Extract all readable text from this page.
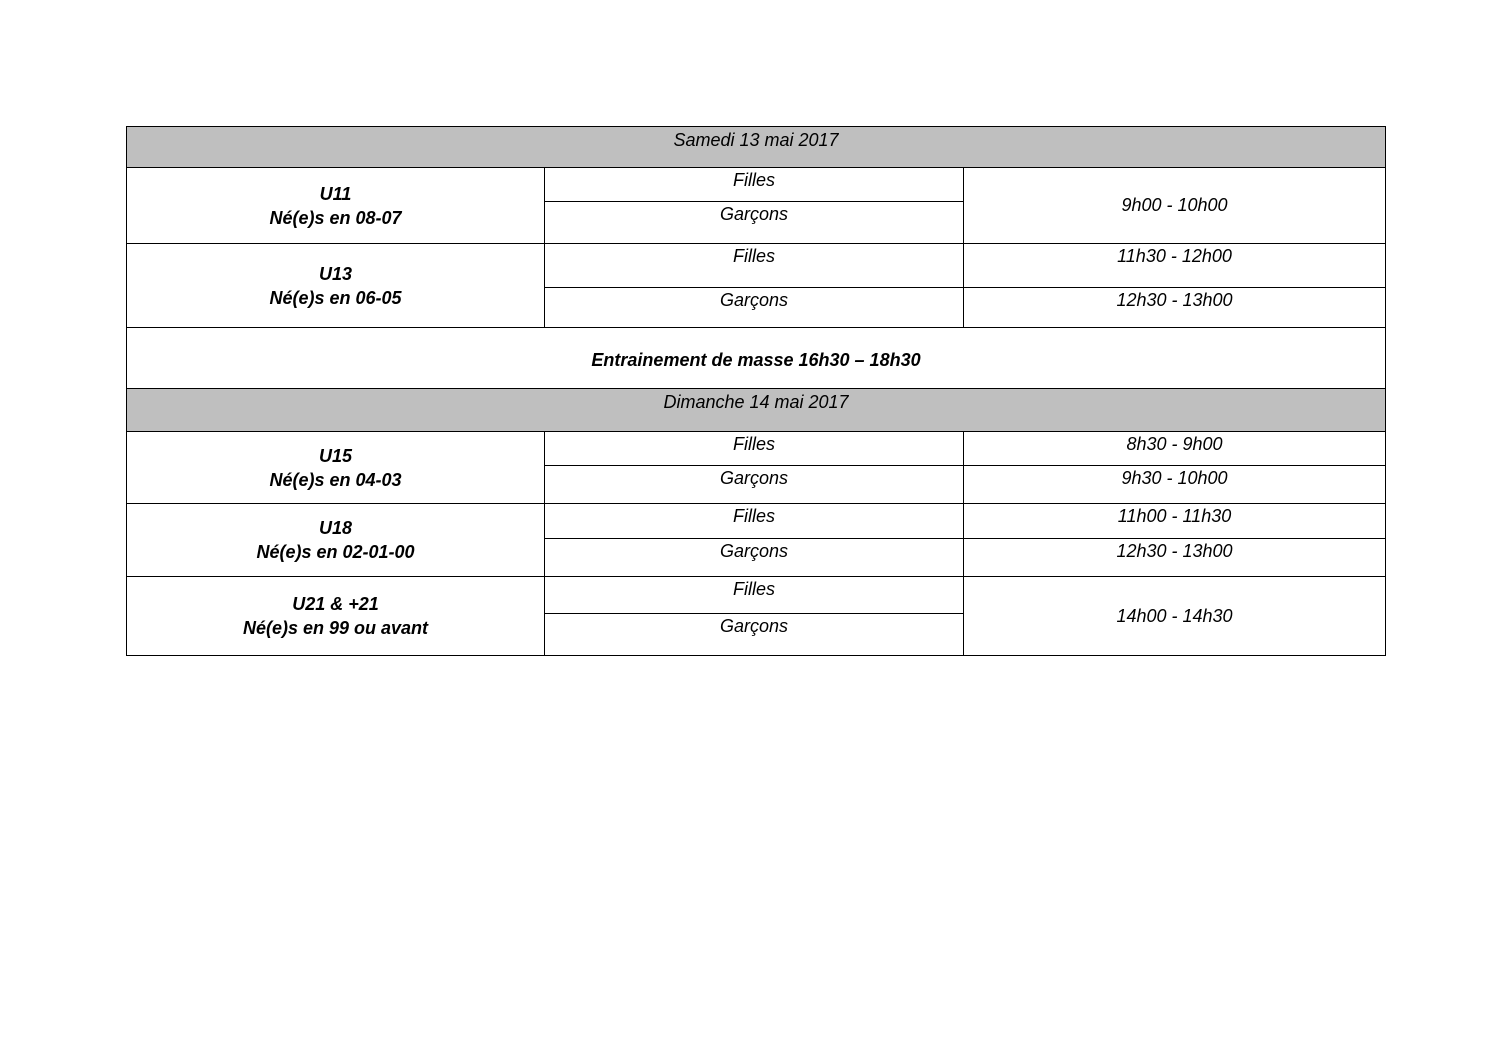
Samedi 13 mai 2017		

U11
Né(e)s en 08-07	Filles	9h00 - 10h00
	Garçons	

U13
Né(e)s en 06-05	Filles	11h30 - 12h00
	Garçons	12h30 - 13h00
Entrainement de masse 16h30 – 18h30		
Dimanche 14 mai 2017		

U15
Né(e)s en 04-03	Filles	8h30 - 9h00
	Garçons	9h30 - 10h00

U18
Né(e)s en 02-01-00	Filles	11h00 - 11h30
	Garçons	12h30 - 13h00

U21 & +21
Né(e)s en 99 ou avant	Filles	14h00 - 14h30
	Garçons	
